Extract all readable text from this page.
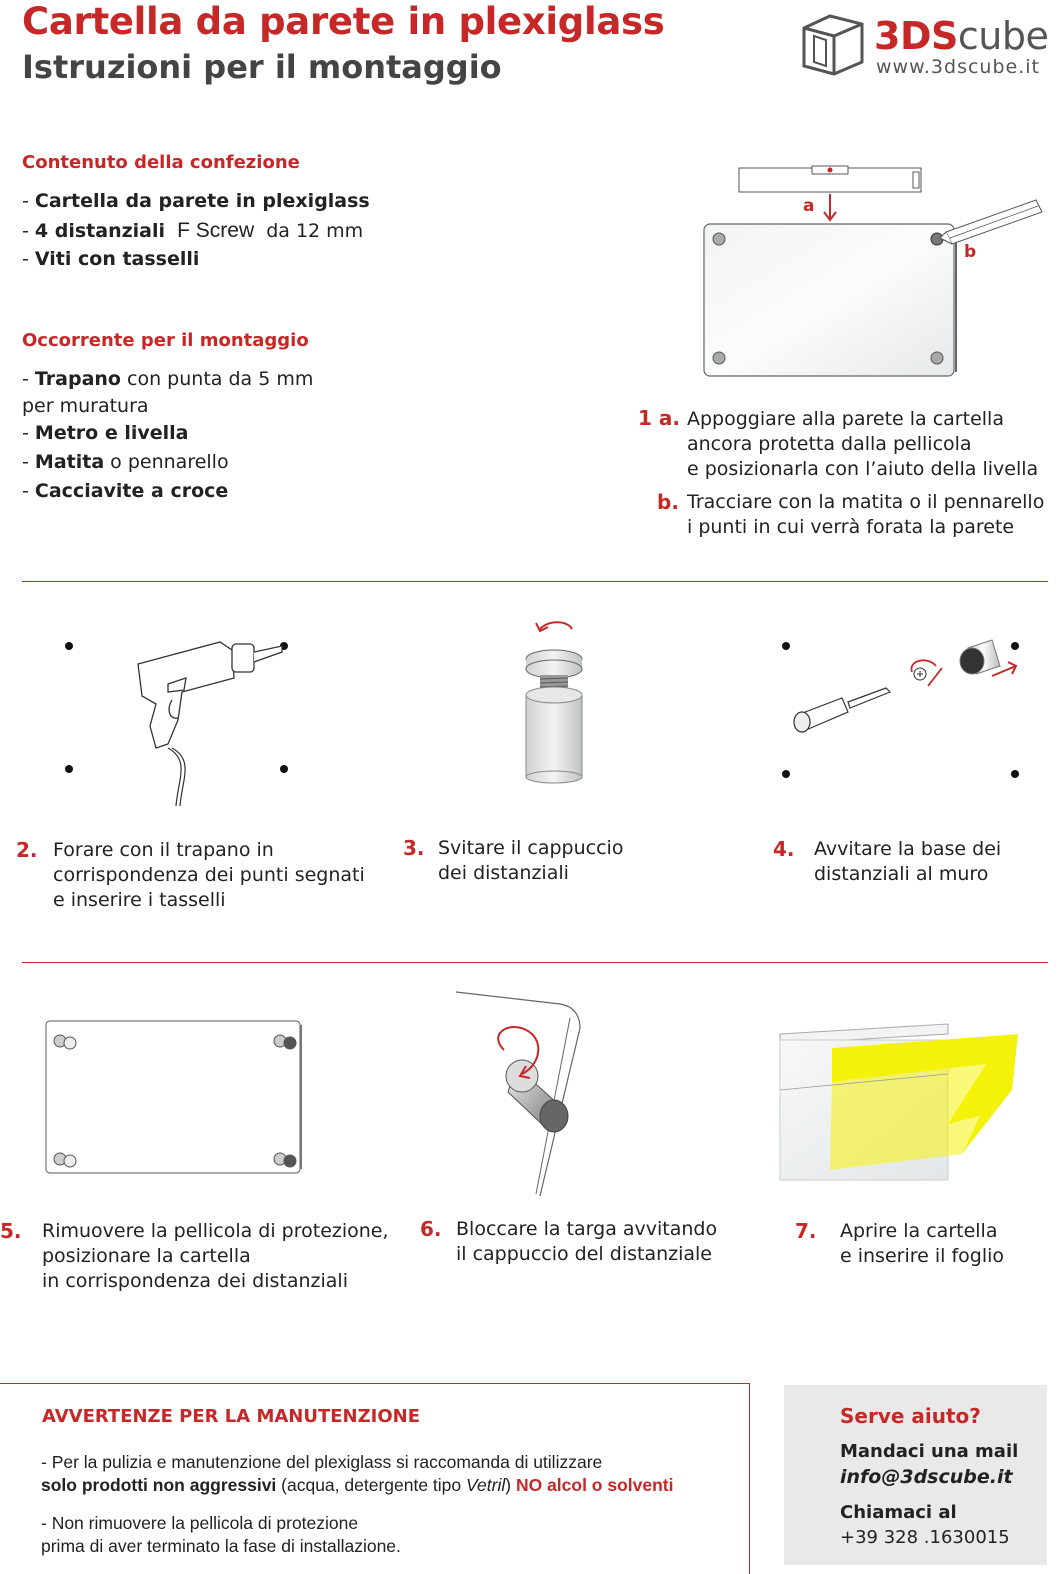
Cartella da parete in plexiglass
Istruzioni per il montaggio
3DScube
www.3dscube.it
Contenuto della confezione
- Cartella da parete in plexiglass
- 4 distanziali F Screw da 12 mm
- Viti con tasselli
Occorrente per il montaggio
- Trapano con punta da 5 mm
per muratura
- Metro e livella
- Matita o pennarello
- Cacciavite a croce
a
b
1 a. Appoggiare alla parete la cartella
ancora protetta dalla pellicola
e posizionarla con l’aiuto della livella
b. Tracciare con la matita o il pennarello
i punti in cui verrà forata la parete
2. Forare con il trapano in
corrispondenza dei punti segnati
e inserire i tasselli
3. Svitare il cappuccio
dei distanziali
4. Avvitare la base dei
distanziali al muro
5. Rimuovere la pellicola di protezione,
posizionare la cartella
in corrispondenza dei distanziali
6. Bloccare la targa avvitando
il cappuccio del distanziale
7. Aprire la cartella
e inserire il foglio
AVVERTENZE PER LA MANUTENZIONE
- Per la pulizia e manutenzione del plexiglass si raccomanda di utilizzare
solo prodotti non aggressivi (acqua, detergente tipo Vetril) NO alcol o solventi
- Non rimuovere la pellicola di protezione
prima di aver terminato la fase di installazione.
Serve aiuto?
Mandaci una mail
info@3dscube.it
Chiamaci al
+39 328 .1630015
